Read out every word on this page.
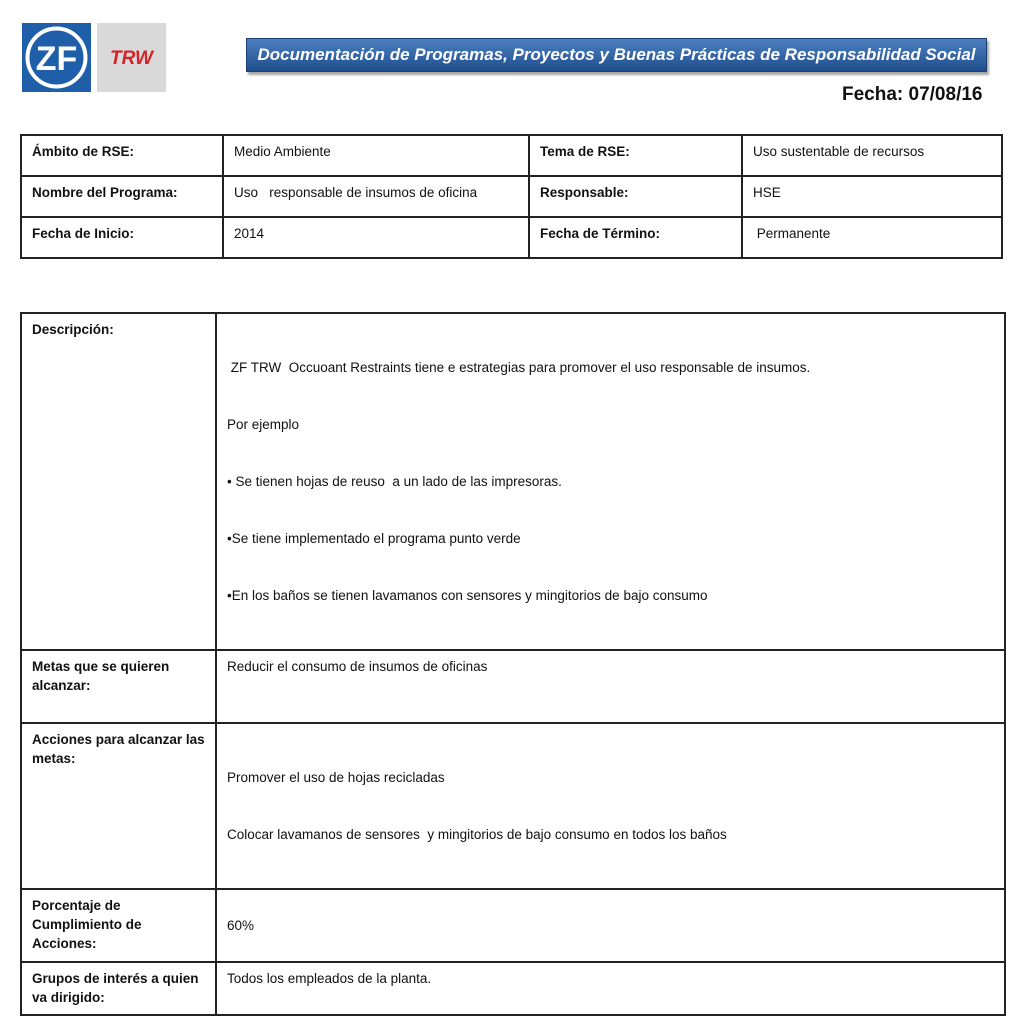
ZF TRW	Documentación de Programas, Proyectos y Buenas Prácticas de Responsabilidad Social
Fecha: 07/08/16
Ámbito de RSE:	Medio Ambiente	Tema de RSE:	Uso sustentable de recursos
Nombre del Programa:	Uso   responsable de insumos de oficina	Responsable:	HSE
Fecha de Inicio:	2014	Fecha de Término:	Permanente
Descripción:	ZF TRW  Occuoant Restraints tiene e estrategias para promover el uso responsable de insumos.

Por ejemplo

• Se tienen hojas de reuso  a un lado de las impresoras.

•Se tiene implementado el programa punto verde

•En los baños se tienen lavamanos con sensores y mingitorios de bajo consumo

Metas que se quieren alcanzar:	Reducir el consumo de insumos de oficinas
Acciones para alcanzar las metas:	Promover el uso de hojas recicladas

Colocar lavamanos de sensores  y mingitorios de bajo consumo en todos los baños

Porcentaje de Cumplimiento de Acciones:	60%
Grupos de interés a quien va dirigido:	Todos los empleados de la planta.
